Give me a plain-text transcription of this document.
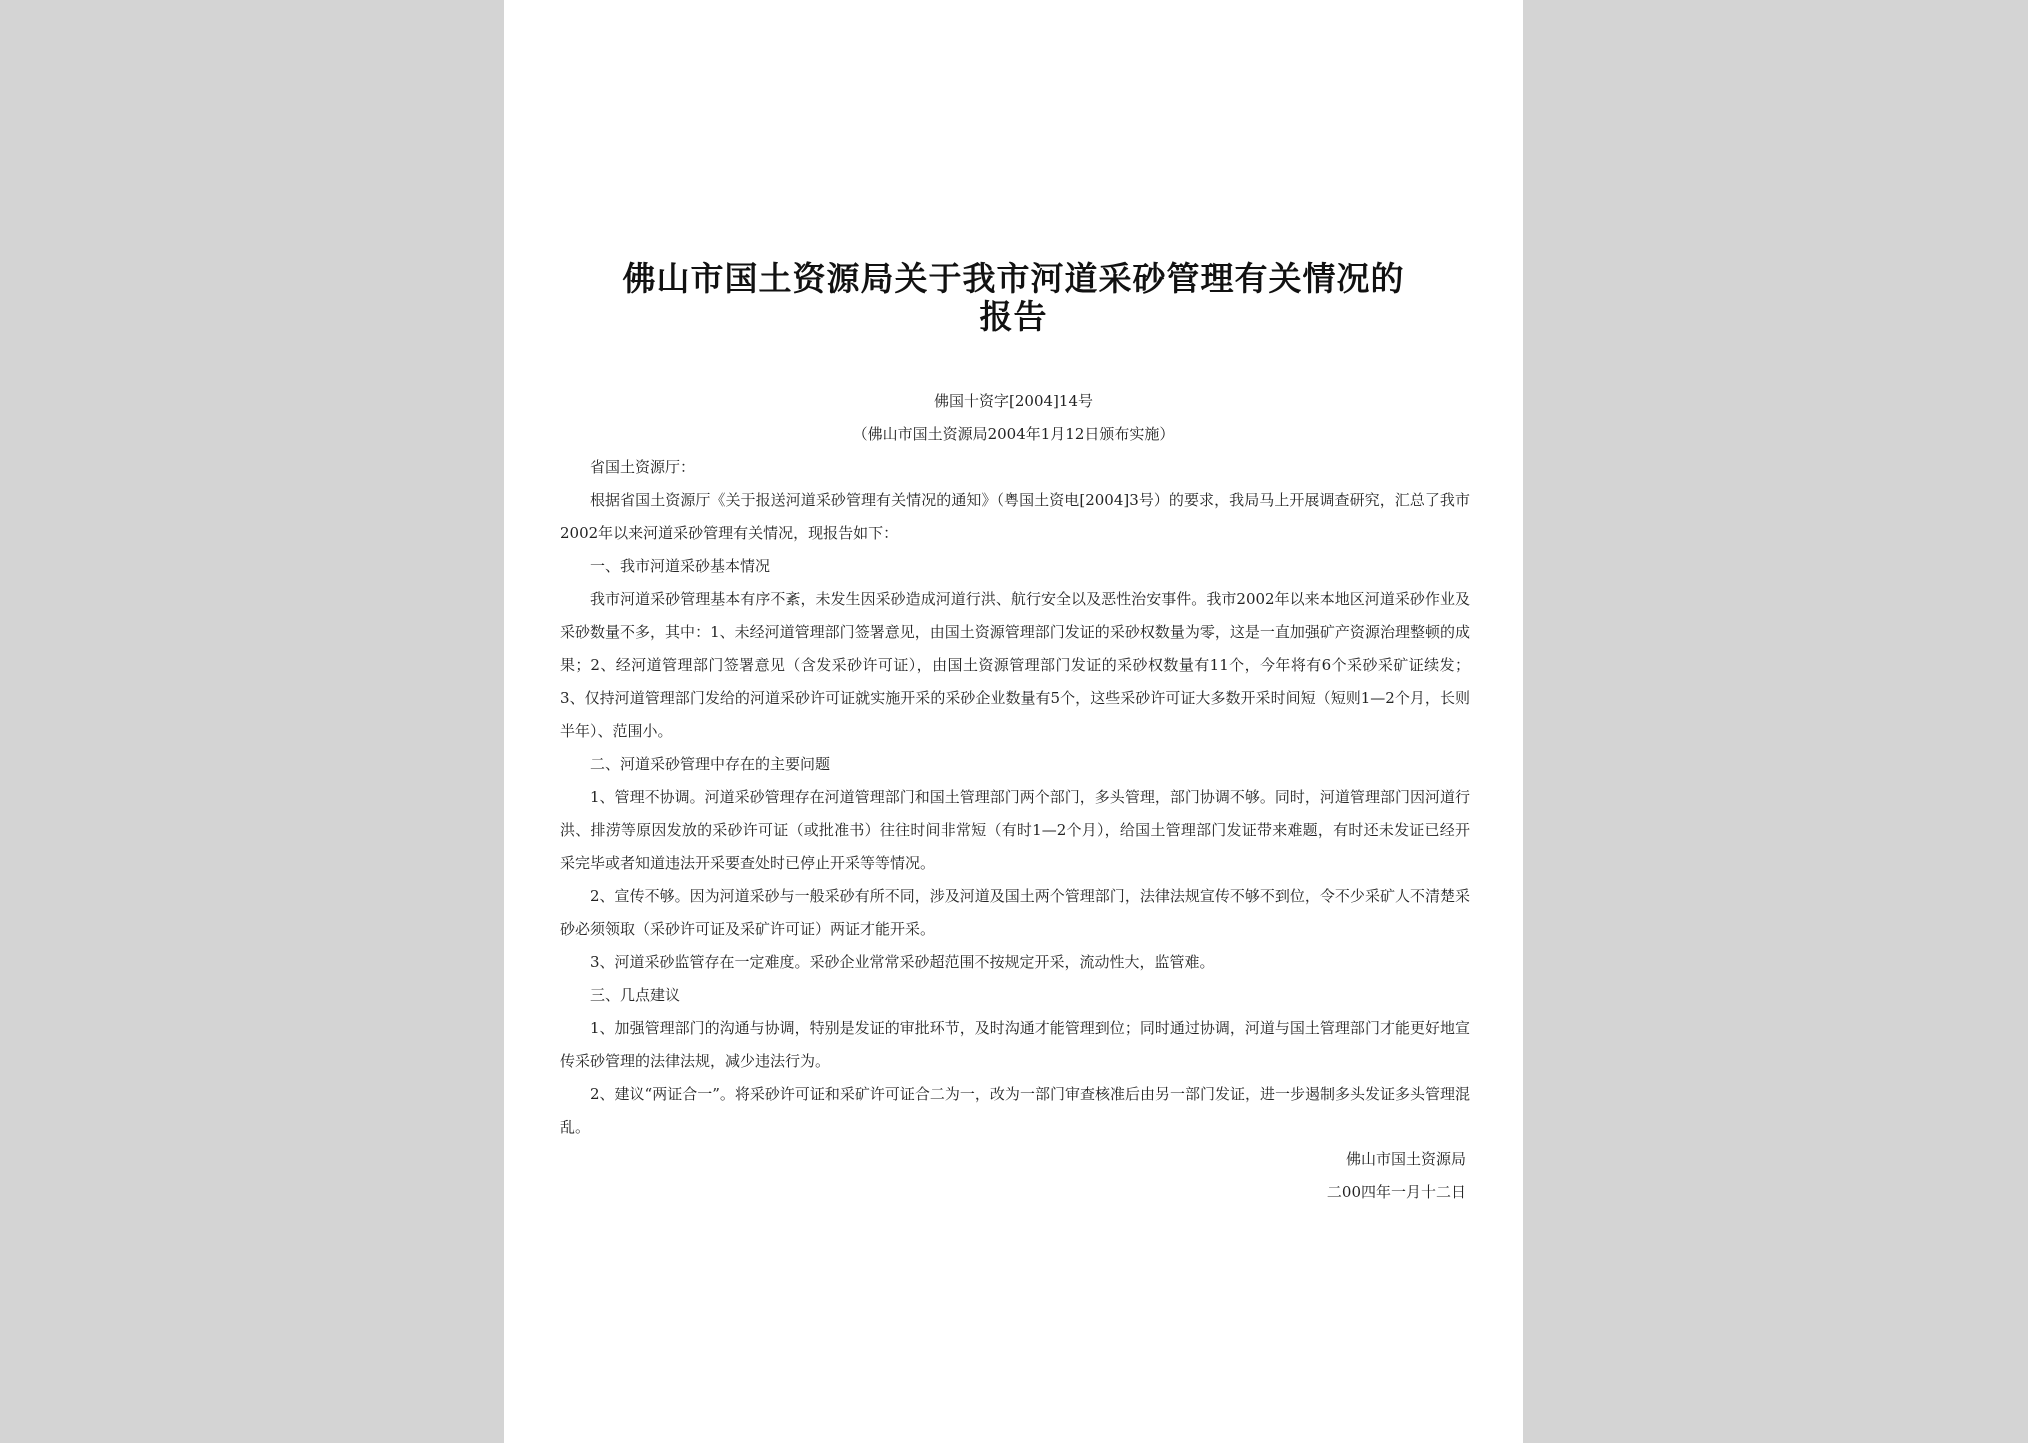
佛山市国土资源局关于我市河道采砂管理有关情况的
报告
佛国十资字[2004]14号
（佛山市国土资源局2004年1月12日颁布实施）

省国土资源厅：

根据省国土资源厅《关于报送河道采砂管理有关情况的通知》（粤国土资电[2004]3号）的要求，我局马上开展调查研究，汇总了我市2002年以来河道采砂管理有关情况，现报告如下：

一、我市河道采砂基本情况

我市河道采砂管理基本有序不紊，未发生因采砂造成河道行洪、航行安全以及恶性治安事件。我市2002年以来本地区河道采砂作业及采砂数量不多，其中：1、未经河道管理部门签署意见，由国土资源管理部门发证的采砂权数量为零，这是一直加强矿产资源治理整顿的成果；2、经河道管理部门签署意见（含发采砂许可证），由国土资源管理部门发证的采砂权数量有11个，今年将有6个采砂采矿证续发；3、仅持河道管理部门发给的河道采砂许可证就实施开采的采砂企业数量有5个，这些采砂许可证大多数开采时间短（短则1—2个月，长则半年）、范围小。

二、河道采砂管理中存在的主要问题

1、管理不协调。河道采砂管理存在河道管理部门和国土管理部门两个部门，多头管理，部门协调不够。同时，河道管理部门因河道行洪、排涝等原因发放的采砂许可证（或批准书）往往时间非常短（有时1—2个月），给国土管理部门发证带来难题，有时还未发证已经开采完毕或者知道违法开采要查处时已停止开采等等情况。

2、宣传不够。因为河道采砂与一般采砂有所不同，涉及河道及国土两个管理部门，法律法规宣传不够不到位，令不少采矿人不清楚采砂必须领取（采砂许可证及采矿许可证）两证才能开采。

3、河道采砂监管存在一定难度。采砂企业常常采砂超范围不按规定开采，流动性大，监管难。

三、几点建议

1、加强管理部门的沟通与协调，特别是发证的审批环节，及时沟通才能管理到位；同时通过协调，河道与国土管理部门才能更好地宣传采砂管理的法律法规，减少违法行为。

2、建议“两证合一”。将采砂许可证和采矿许可证合二为一，改为一部门审查核准后由另一部门发证，进一步遏制多头发证多头管理混乱。

佛山市国土资源局
二00四年一月十二日
